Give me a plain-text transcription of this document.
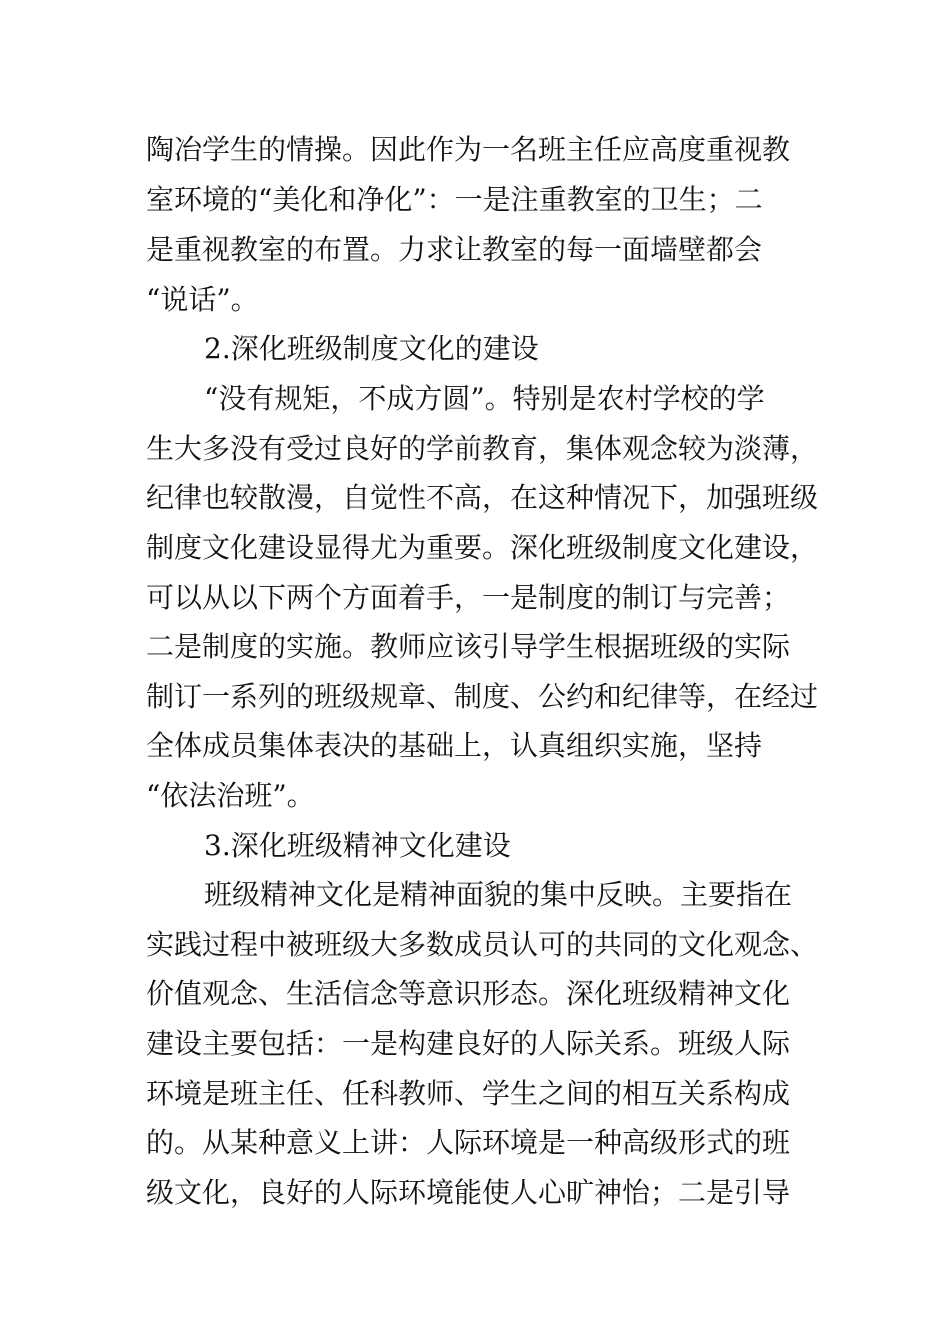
陶冶学生的情操。因此作为一名班主任应高度重视教
室环境的“美化和净化”：一是注重教室的卫生；二
是重视教室的布置。力求让教室的每一面墙壁都会
“说话”。
2.深化班级制度文化的建设
“没有规矩，不成方圆”。特别是农村学校的学
生大多没有受过良好的学前教育，集体观念较为淡薄，
纪律也较散漫，自觉性不高，在这种情况下，加强班级
制度文化建设显得尤为重要。深化班级制度文化建设，
可以从以下两个方面着手，一是制度的制订与完善；
二是制度的实施。教师应该引导学生根据班级的实际
制订一系列的班级规章、制度、公约和纪律等，在经过
全体成员集体表决的基础上，认真组织实施，坚持
“依法治班”。
3.深化班级精神文化建设
班级精神文化是精神面貌的集中反映。主要指在
实践过程中被班级大多数成员认可的共同的文化观念、
价值观念、生活信念等意识形态。深化班级精神文化
建设主要包括：一是构建良好的人际关系。班级人际
环境是班主任、任科教师、学生之间的相互关系构成
的。从某种意义上讲：人际环境是一种高级形式的班
级文化，良好的人际环境能使人心旷神怡；二是引导
